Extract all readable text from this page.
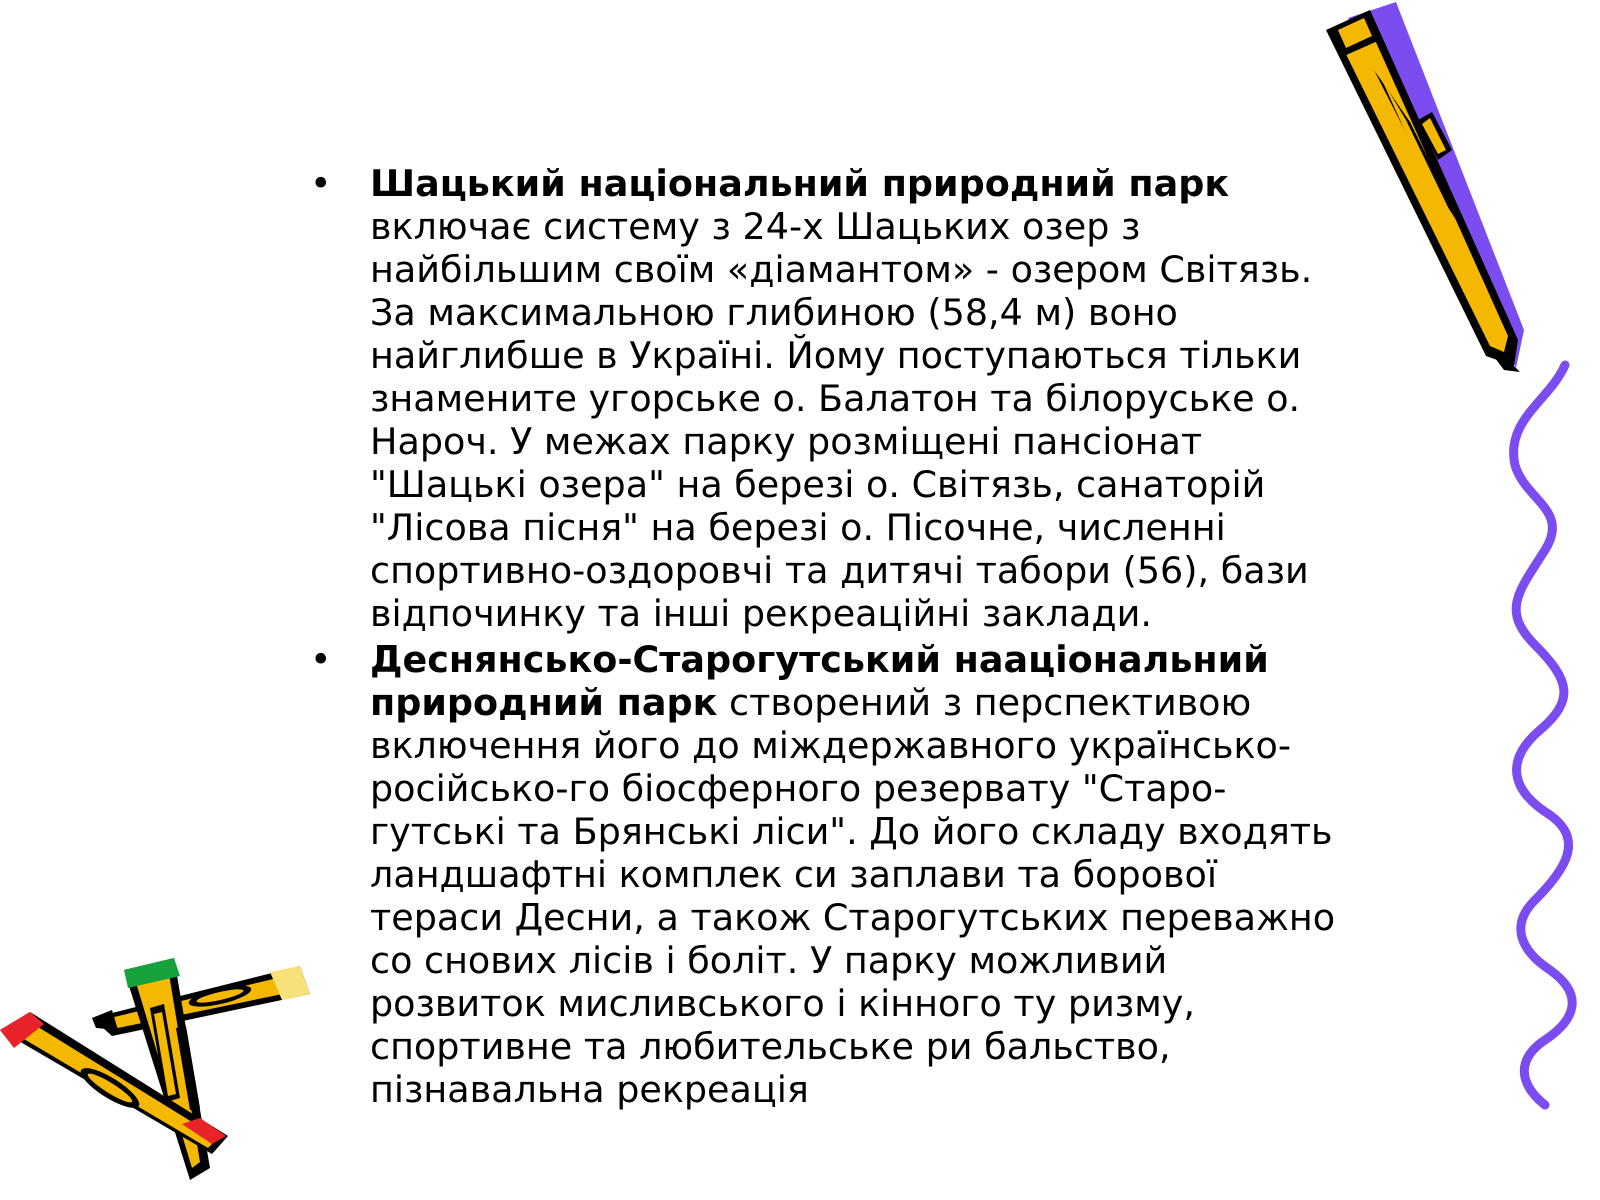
• Шацький національний природний парк
включає систему з 24-х Шацьких озер з
найбільшим своїм «діамантом» - озером Світязь.
За максимальною глибиною (58,4 м) воно
найглибше в Україні. Йому поступаються тільки
знамените угорське о. Балатон та білоруське о.
Нароч. У межах парку розміщені пансіонат
"Шацькі озера" на березі о. Світязь, санаторій
"Лісова пісня" на березі о. Пісочне, численні
спортивно-оздоровчі та дитячі табори (56), бази
відпочинку та інші рекреаційні заклади.
• Деснянсько-Старогутський нааціональний
природний парк створений з перспективою
включення його до міждержавного українсько-
російсько-го біосферного резервату "Старо-
гутські та Брянські ліси". До його складу входять
ландшафтні комплек си заплави та борової
тераси Десни, а також Старогутських переважно
со снових лісів і боліт. У парку можливий
розвиток мисливського і кінного ту ризму,
спортивне та любительське ри бальство,
пізнавальна рекреація
